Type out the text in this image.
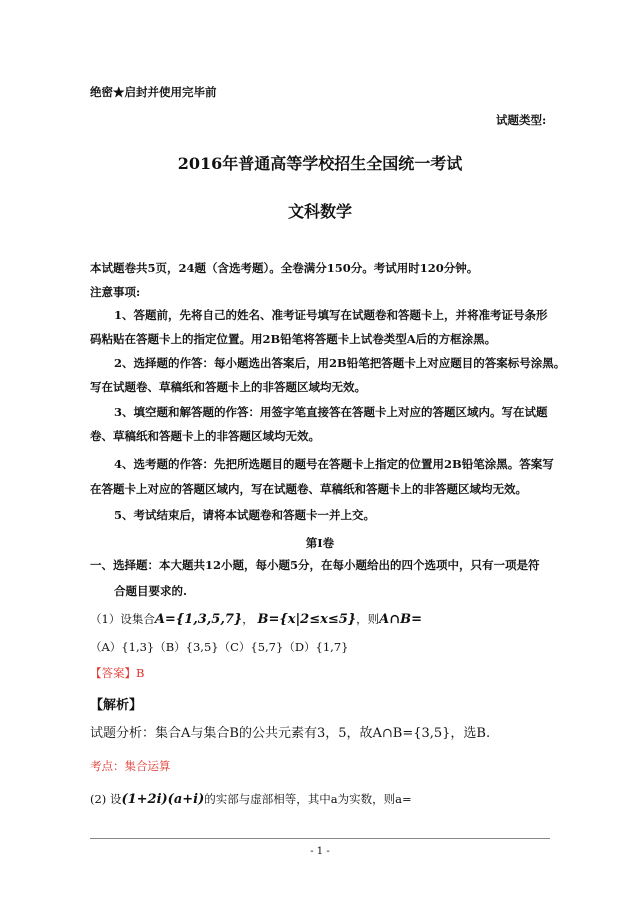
绝密★启封并使用完毕前
试题类型:
2016年普通高等学校招生全国统一考试
文科数学
本试题卷共5页，24题（含选考题）。全卷满分150分。考试用时120分钟。
注意事项:
1、答题前，先将自己的姓名、准考证号填写在试题卷和答题卡上，并将准考证号条形
码粘贴在答题卡上的指定位置。用2B铅笔将答题卡上试卷类型A后的方框涂黑。
2、选择题的作答：每小题选出答案后，用2B铅笔把答题卡上对应题目的答案标号涂黑。
写在试题卷、草稿纸和答题卡上的非答题区域均无效。
3、填空题和解答题的作答：用签字笔直接答在答题卡上对应的答题区域内。写在试题
卷、草稿纸和答题卡上的非答题区域均无效。
4、选考题的作答：先把所选题目的题号在答题卡上指定的位置用2B铅笔涂黑。答案写
在答题卡上对应的答题区域内，写在试题卷、草稿纸和答题卡上的非答题区域均无效。
5、考试结束后，请将本试题卷和答题卡一并上交。
第Ⅰ卷
一、选择题：本大题共12小题，每小题5分，在每小题给出的四个选项中，只有一项是符
合题目要求的.
（1）设集合A={1,3,5,7}， B={x|2≤x≤5}，则A∩B=
（A）{1,3}（B）{3,5}（C）{5,7}（D）{1,7}
【答案】B
【解析】
试题分析：集合A与集合B的公共元素有3，5，故A∩B={3,5}，选B.
考点：集合运算
(2) 设(1+2i)(a+i)的实部与虚部相等，其中a为实数，则a=
- 1 -
